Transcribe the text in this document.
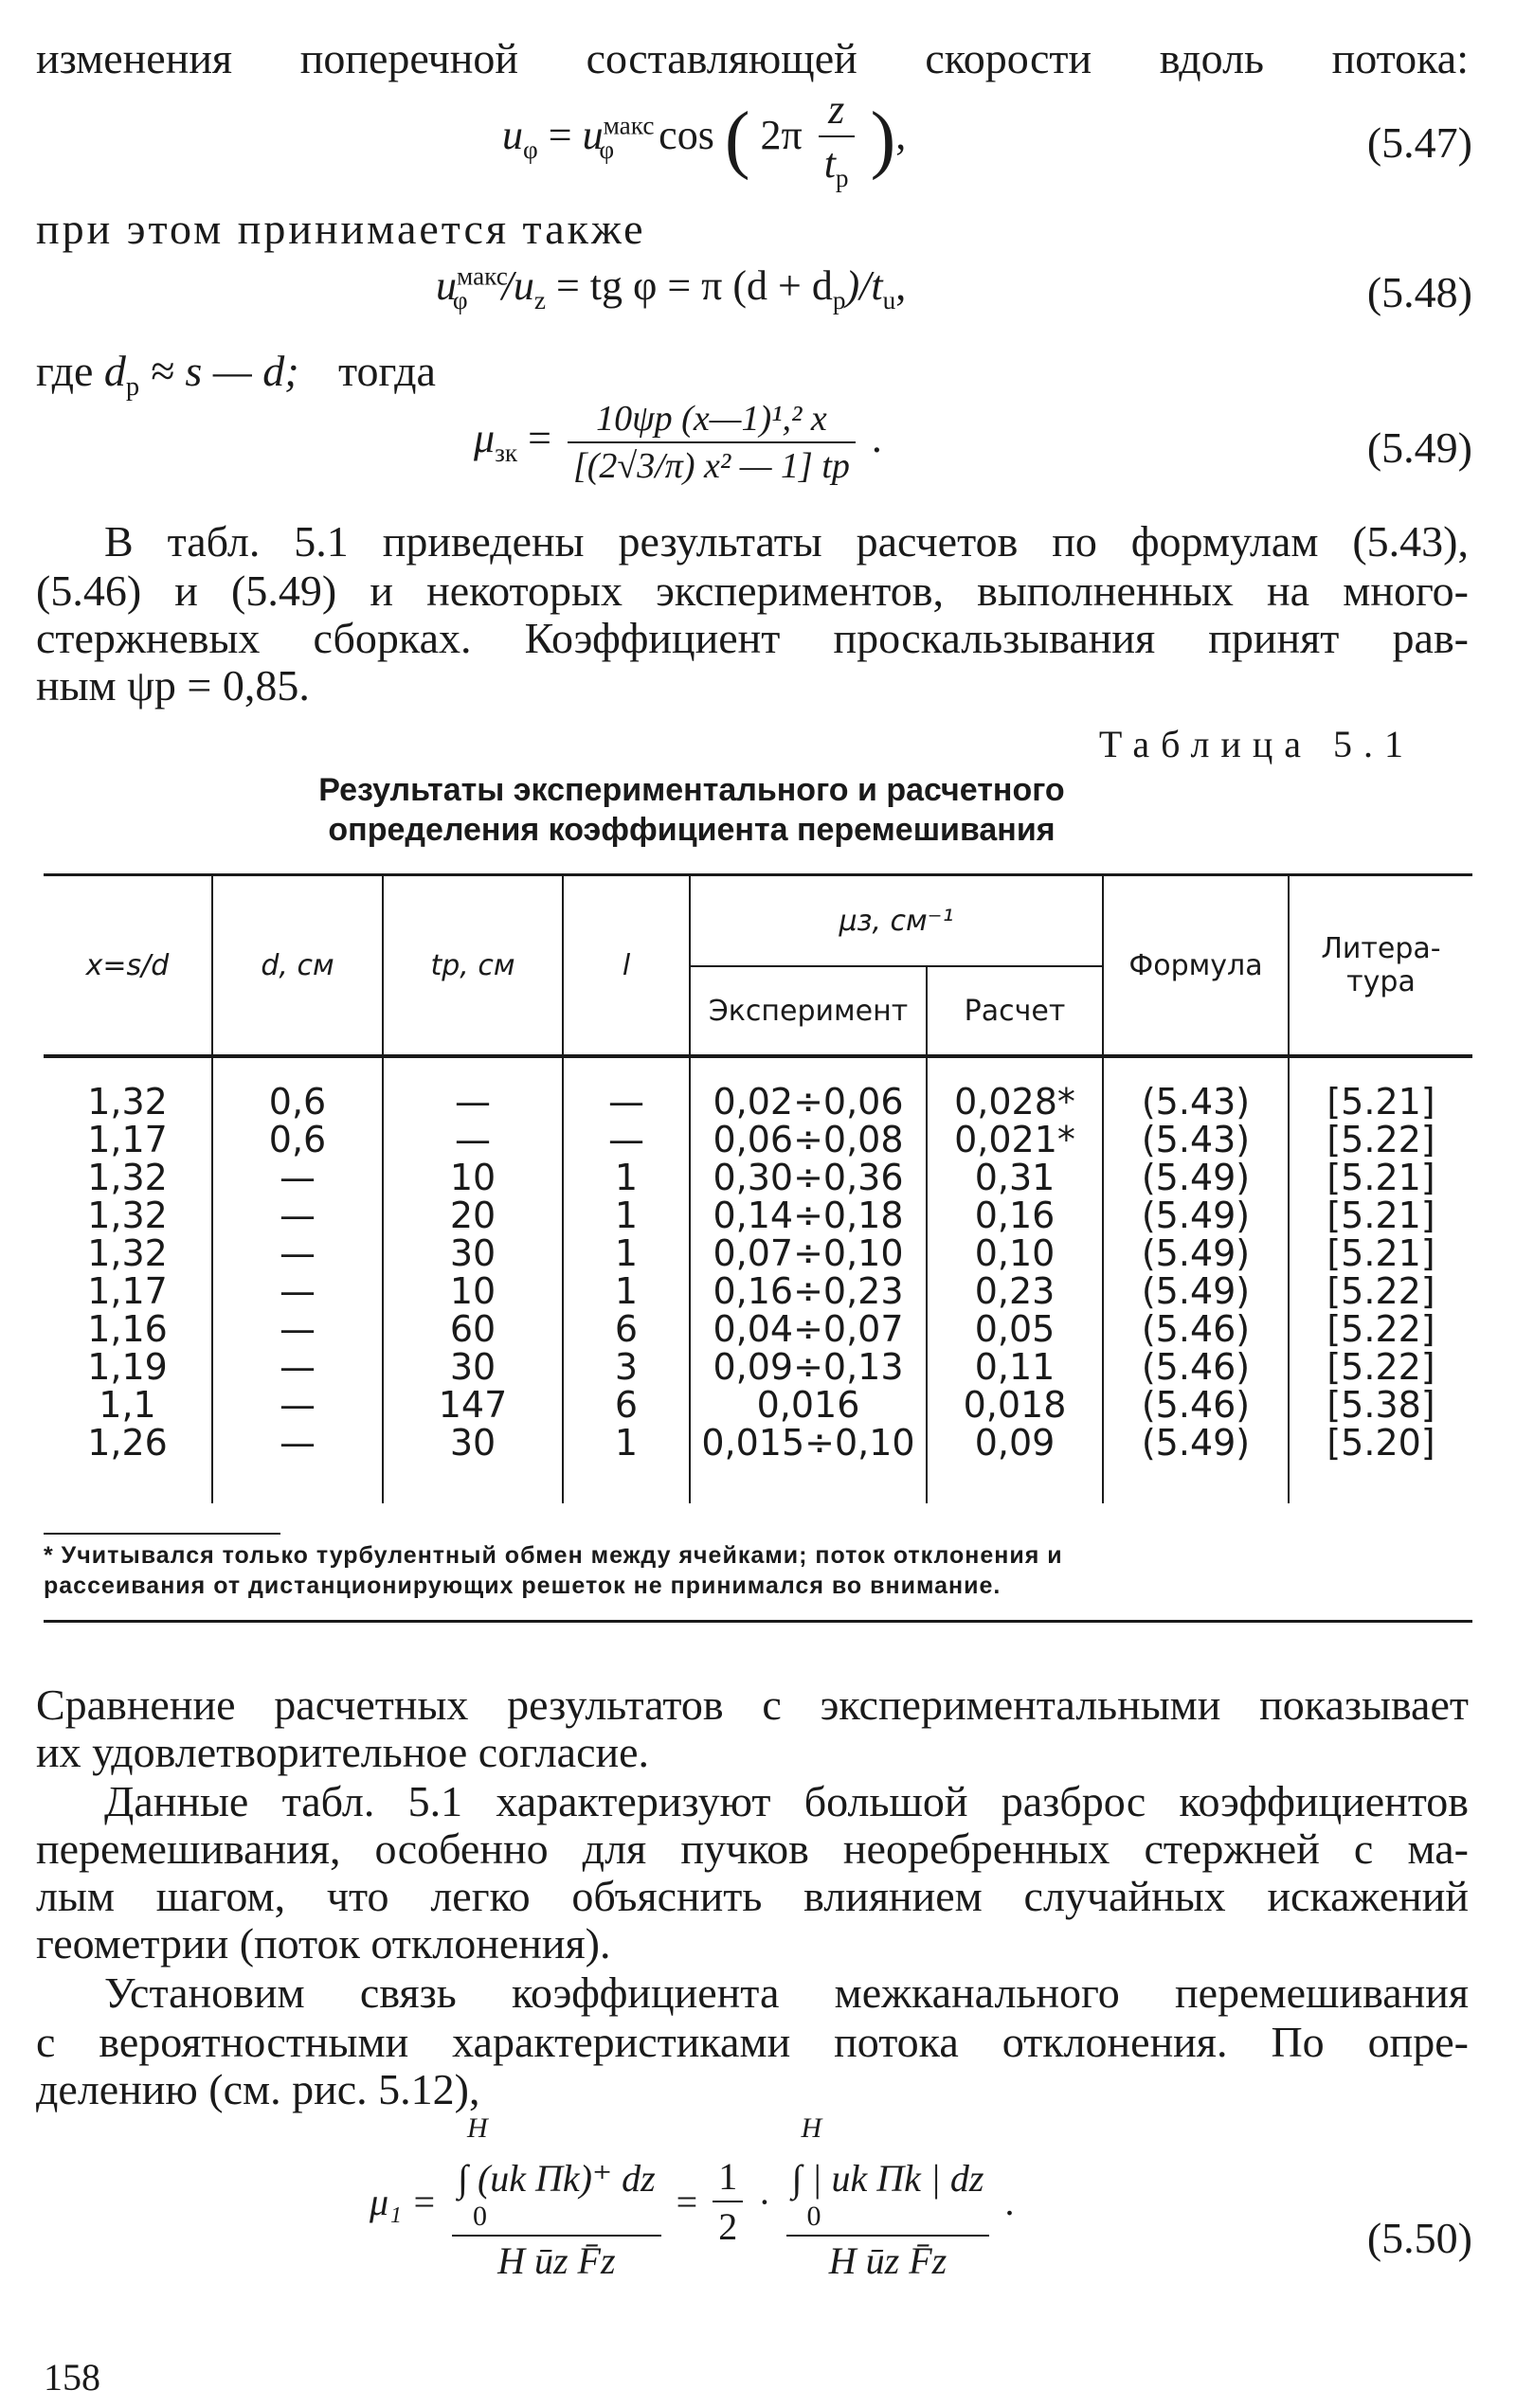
изменения поперечной составляющей скорости вдоль потока:
$u_\varphi = u^{макс}_\varphi$ cos ( $2\pi \frac{z}{t_р}$ ),	(5.47)
при этом принимается также
$u^{макс}_\varphi$ $/u_z$ = tg φ = π $(d + d_р)/t_u$,	(5.48)
где $d_р \approx s$ — d; тогда
$\mu_{зк} = \frac{\text{10ψр (x—1)¹,² x}}{\text{[(2√3/π) x² — 1] tр}}$ .	(5.49)
В табл. 5.1 приведены результаты расчетов по формулам (5.43),
(5.46) и (5.49) и некоторых экспериментов, выполненных на много-
стержневых сборках. Коэффициент проскальзывания принят рав-
ным ψр = 0,85.
Таблица 5.1
Результаты экспериментального и расчетного
определения коэффициента перемешивания
x=s/d	d, см	tр, см	l	μз, см⁻¹		Формула	Литера-тура
				Эксперимент	Расчет		
1,32	0,6	—	—	0,02÷0,06	0,028*	(5.43)	[5.21]
1,17	0,6	—	—	0,06÷0,08	0,021*	(5.43)	[5.22]
1,32	—	10	1	0,30÷0,36	0,31	(5.49)	[5.21]
1,32	—	20	1	0,14÷0,18	0,16	(5.49)	[5.21]
1,32	—	30	1	0,07÷0,10	0,10	(5.49)	[5.21]
1,17	—	10	1	0,16÷0,23	0,23	(5.49)	[5.22]
1,16	—	60	6	0,04÷0,07	0,05	(5.46)	[5.22]
1,19	—	30	3	0,09÷0,13	0,11	(5.46)	[5.22]
1,1	—	147	6	0,016	0,018	(5.46)	[5.38]
1,26	—	30	1	0,015÷0,10	0,09	(5.49)	[5.20]
* Учитывался только турбулентный обмен между ячейками; поток отклонения и
рассеивания от дистанционирующих решеток не принимался во внимание.
Сравнение расчетных результатов с экспериментальными показывает
их удовлетворительное согласие.
Данные табл. 5.1 характеризуют большой разброс коэффициентов
перемешивания, особенно для пучков неоребренных стержней с ма-
лым шагом, что легко объяснить влиянием случайных искажений
геометрии (поток отклонения).
Установим связь коэффициента межканального перемешивания
с вероятностными характеристиками потока отклонения. По опре-
делению (см. рис. 5.12),
μ₁ = H
∫ (uk Πk)⁺ dz
0
H ūz F̄z = $\frac{1}{2} \cdot H$
∫ | uk Πk | dz
0
H ūz F̄z .
(5.50)
158
